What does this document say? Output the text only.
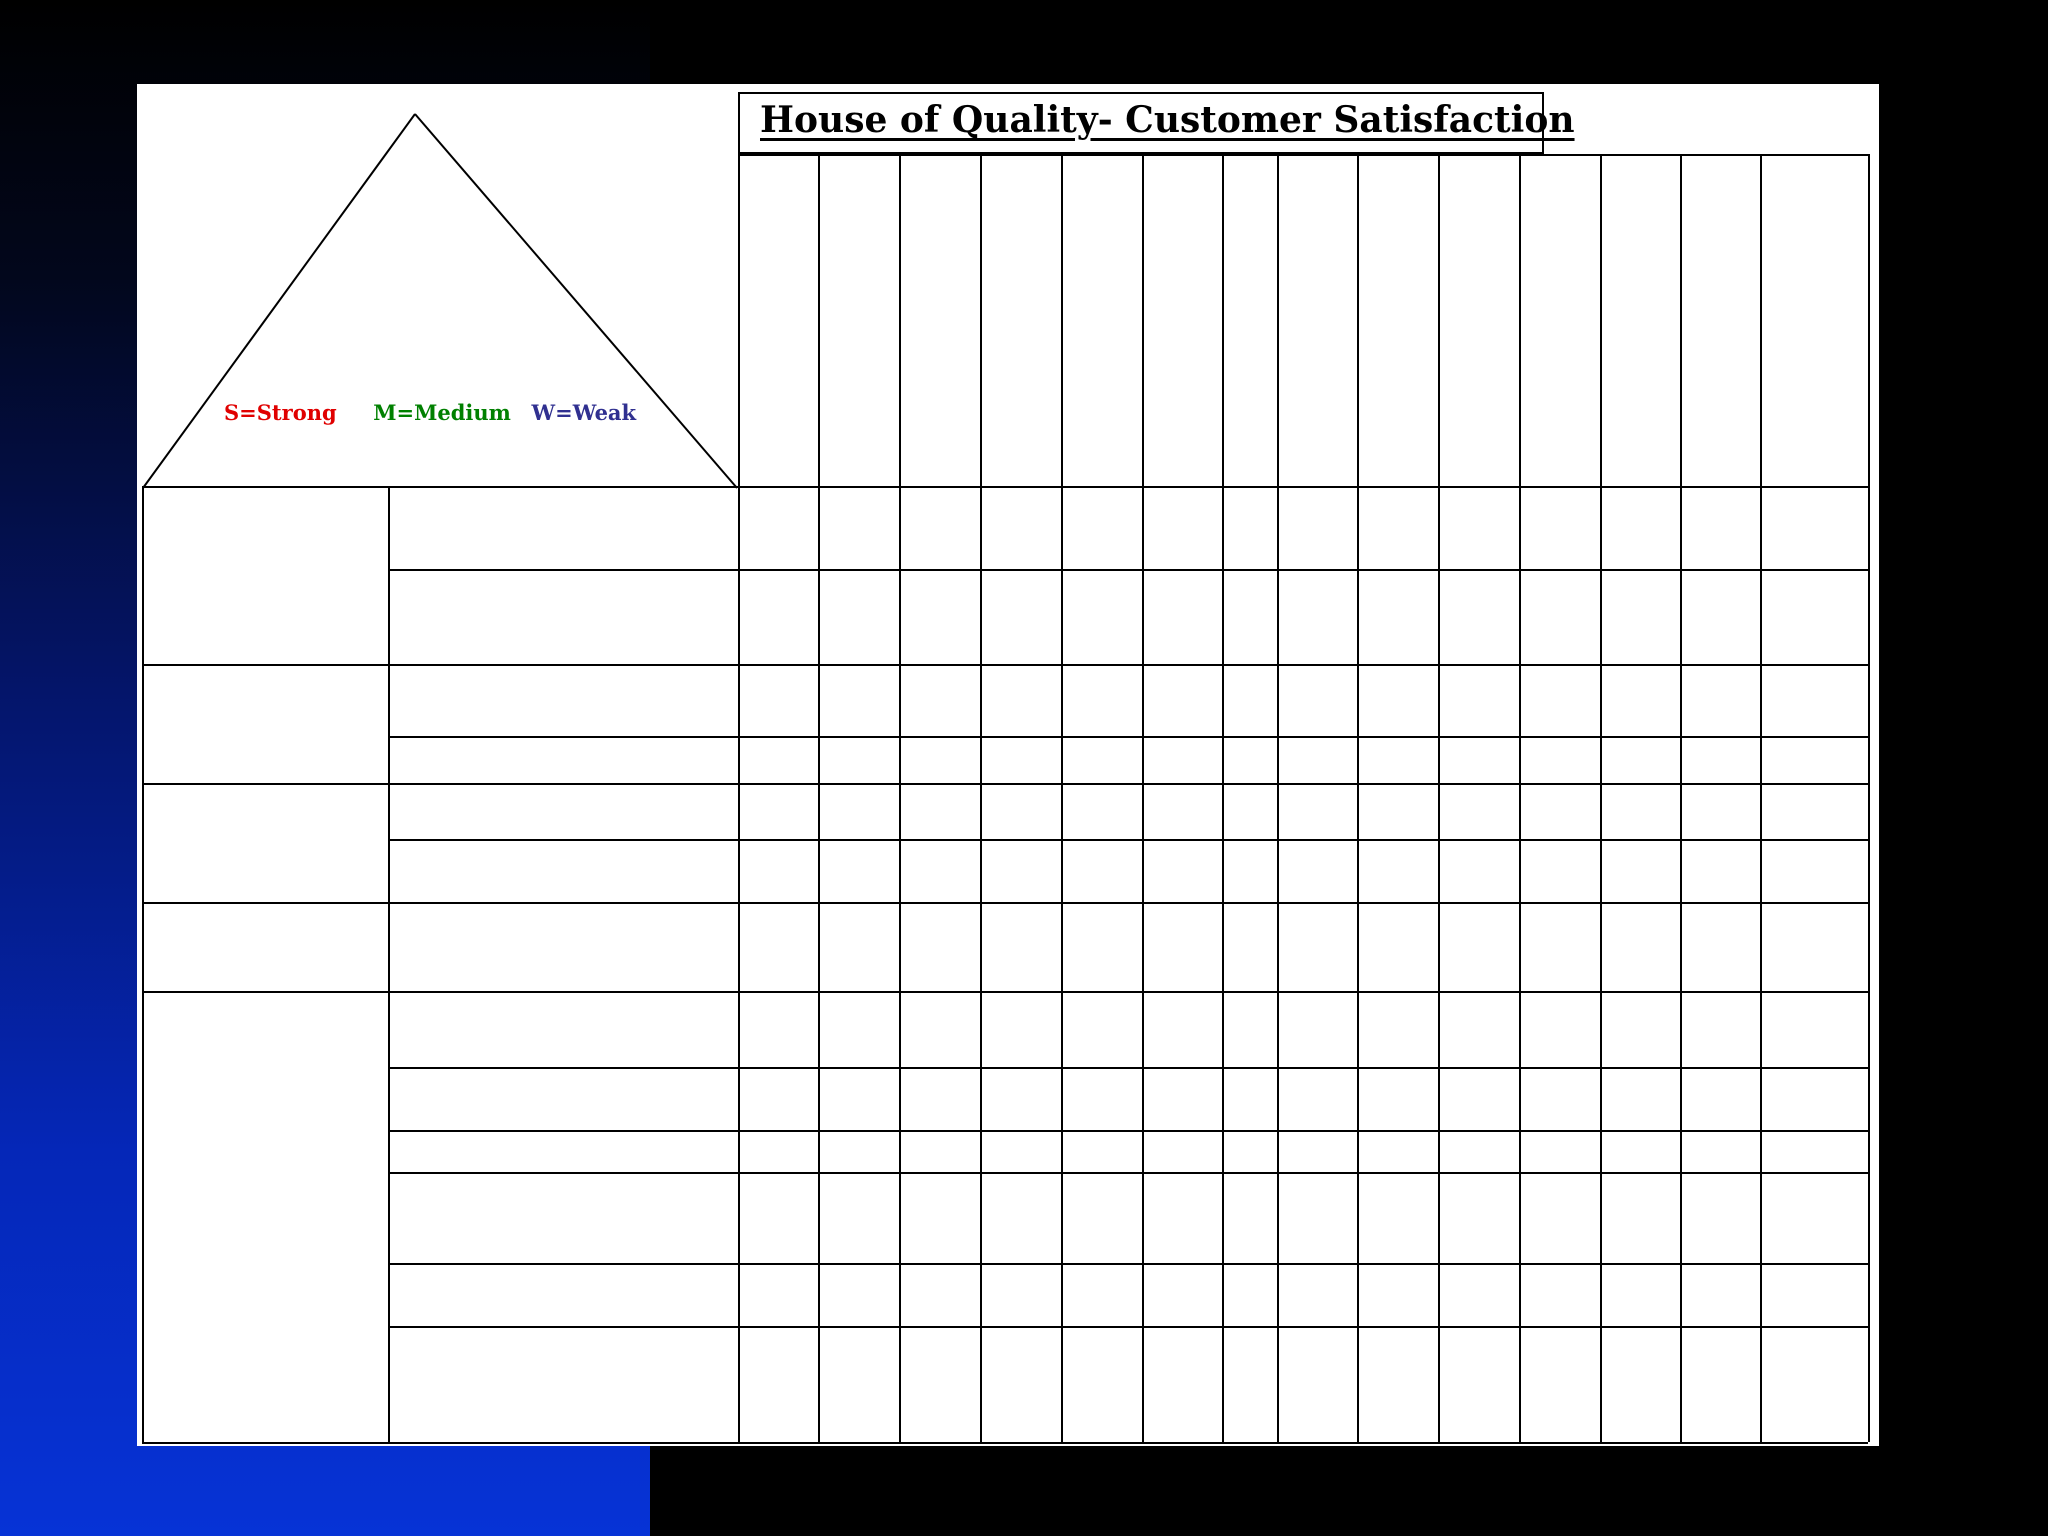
S=Strong M=Medium W=Weak
House of Quality- Customer Satisfaction
